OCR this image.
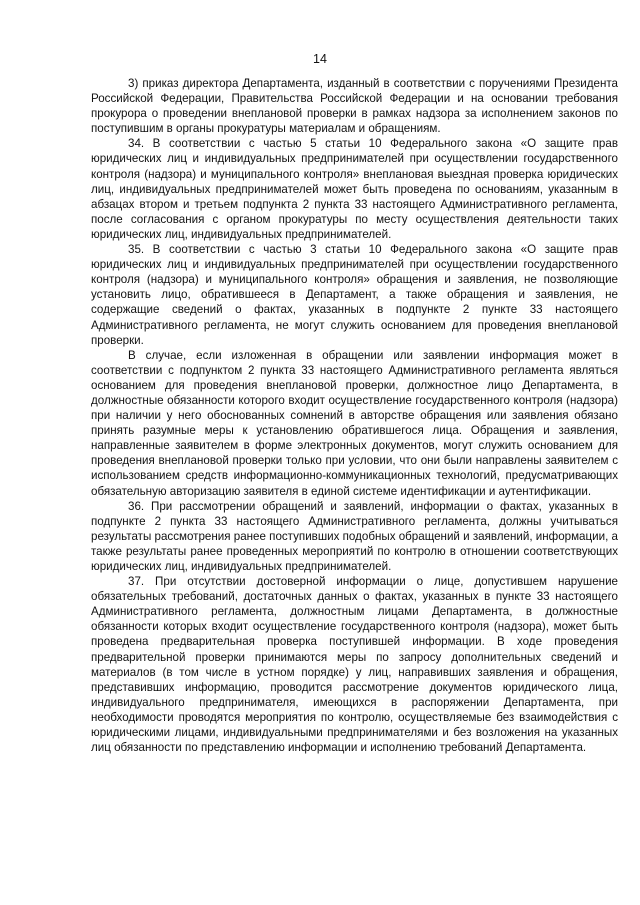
14

3) приказ директора Департамента, изданный в соответствии с поручениями Президента Российской Федерации, Правительства Российской Федерации и на основании требования прокурора о проведении внеплановой проверки в рамках надзора за исполнением законов по поступившим в органы прокуратуры материалам и обращениям.

34. В соответствии с частью 5 статьи 10 Федерального закона «О защите прав юридических лиц и индивидуальных предпринимателей при осуществлении государственного контроля (надзора) и муниципального контроля» внеплановая выездная проверка юридических лиц, индивидуальных предпринимателей может быть проведена по основаниям, указанным в абзацах втором и третьем подпункта 2 пункта 33 настоящего Административного регламента, после согласования с органом прокуратуры по месту осуществления деятельности таких юридических лиц, индивидуальных предпринимателей.

35. В соответствии с частью 3 статьи 10 Федерального закона «О защите прав юридических лиц и индивидуальных предпринимателей при осуществлении государственного контроля (надзора) и муниципального контроля» обращения и заявления, не позволяющие установить лицо, обратившееся в Департамент, а также обращения и заявления, не содержащие сведений о фактах, указанных в подпункте 2 пункте 33 настоящего Административного регламента, не могут служить основанием для проведения внеплановой проверки.

В случае, если изложенная в обращении или заявлении информация может в соответствии с подпунктом 2 пункта 33 настоящего Административного регламента являться основанием для проведения внеплановой проверки, должностное лицо Департамента, в должностные обязанности которого входит осуществление государственного контроля (надзора) при наличии у него обоснованных сомнений в авторстве обращения или заявления обязано принять разумные меры к установлению обратившегося лица. Обращения и заявления, направленные заявителем в форме электронных документов, могут служить основанием для проведения внеплановой проверки только при условии, что они были направлены заявителем с использованием средств информационно-коммуникационных технологий, предусматривающих обязательную авторизацию заявителя в единой системе идентификации и аутентификации.

36. При рассмотрении обращений и заявлений, информации о фактах, указанных в подпункте 2 пункта 33 настоящего Административного регламента, должны учитываться результаты рассмотрения ранее поступивших подобных обращений и заявлений, информации, а также результаты ранее проведенных мероприятий по контролю в отношении соответствующих юридических лиц, индивидуальных предпринимателей.

37. При отсутствии достоверной информации о лице, допустившем нарушение обязательных требований, достаточных данных о фактах, указанных в пункте 33 настоящего Административного регламента, должностным лицами Департамента, в должностные обязанности которых входит осуществление государственного контроля (надзора), может быть проведена предварительная проверка поступившей информации. В ходе проведения предварительной проверки принимаются меры по запросу дополнительных сведений и материалов (в том числе в устном порядке) у лиц, направивших заявления и обращения, представивших информацию, проводится рассмотрение документов юридического лица, индивидуального предпринимателя, имеющихся в распоряжении Департамента, при необходимости проводятся мероприятия по контролю, осуществляемые без взаимодействия с юридическими лицами, индивидуальными предпринимателями и без возложения на указанных лиц обязанности по представлению информации и исполнению требований Департамента.
